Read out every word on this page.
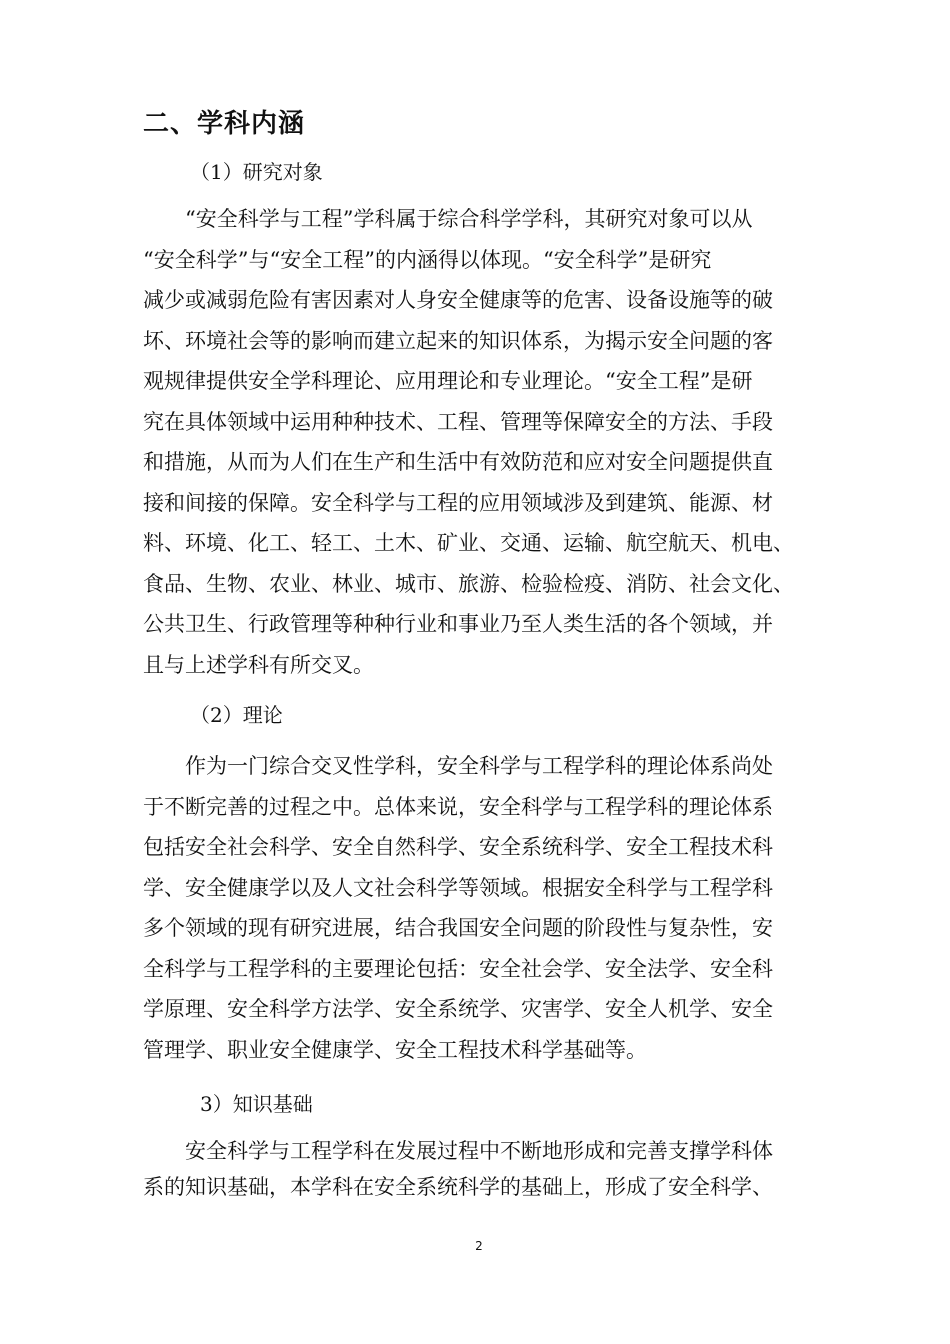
二、学科内涵
（1）研究对象
“安全科学与工程”学科属于综合科学学科，其研究对象可以从
“安全科学”与“安全工程”的内涵得以体现。“安全科学”是研究
减少或减弱危险有害因素对人身安全健康等的危害、设备设施等的破
坏、环境社会等的影响而建立起来的知识体系，为揭示安全问题的客
观规律提供安全学科理论、应用理论和专业理论。“安全工程”是研
究在具体领域中运用种种技术、工程、管理等保障安全的方法、手段
和措施，从而为人们在生产和生活中有效防范和应对安全问题提供直
接和间接的保障。安全科学与工程的应用领域涉及到建筑、能源、材
料、环境、化工、轻工、土木、矿业、交通、运输、航空航天、机电、
食品、生物、农业、林业、城市、旅游、检验检疫、消防、社会文化、
公共卫生、行政管理等种种行业和事业乃至人类生活的各个领域，并
且与上述学科有所交叉。
（2）理论
作为一门综合交叉性学科，安全科学与工程学科的理论体系尚处
于不断完善的过程之中。总体来说，安全科学与工程学科的理论体系
包括安全社会科学、安全自然科学、安全系统科学、安全工程技术科
学、安全健康学以及人文社会科学等领域。根据安全科学与工程学科
多个领域的现有研究进展，结合我国安全问题的阶段性与复杂性，安
全科学与工程学科的主要理论包括：安全社会学、安全法学、安全科
学原理、安全科学方法学、安全系统学、灾害学、安全人机学、安全
管理学、职业安全健康学、安全工程技术科学基础等。
3）知识基础
安全科学与工程学科在发展过程中不断地形成和完善支撑学科体
系的知识基础，本学科在安全系统科学的基础上，形成了安全科学、
2
